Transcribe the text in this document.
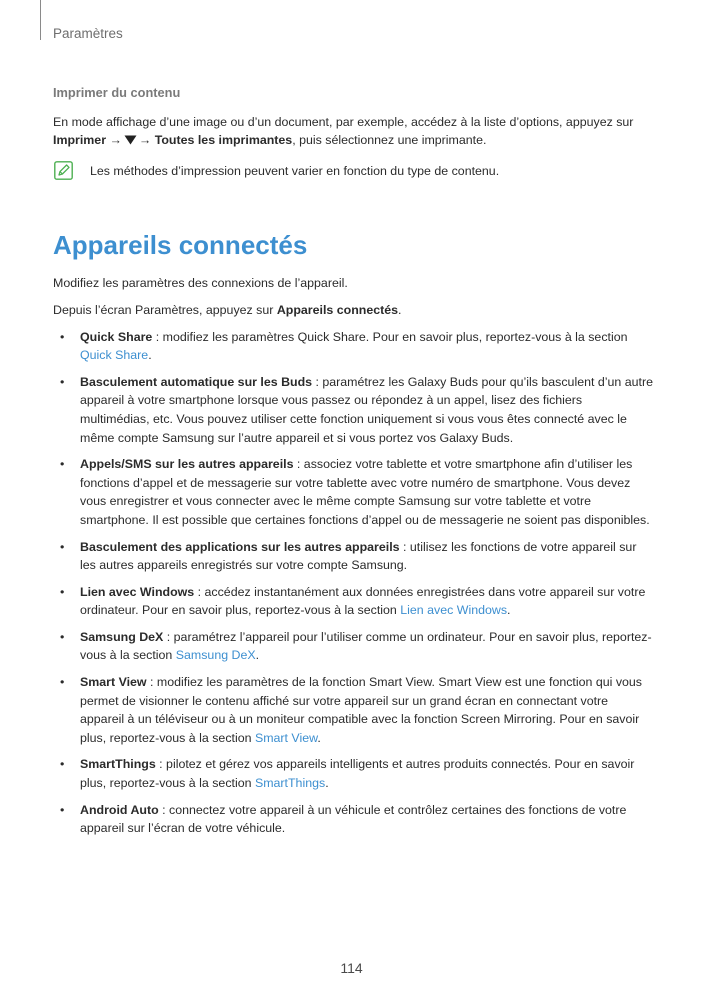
Paramètres
Imprimer du contenu

En mode affichage d’une image ou d’un document, par exemple, accédez à la liste d’options, appuyez sur
Imprimer → → Toutes les imprimantes, puis sélectionnez une imprimante.

Les méthodes d’impression peuvent varier en fonction du type de contenu.
Appareils connectés

Modifiez les paramètres des connexions de l’appareil.

Depuis l’écran Paramètres, appuyez sur Appareils connectés.

• Quick Share : modifiez les paramètres Quick Share. Pour en savoir plus, reportez-vous à la section Quick Share.
• Basculement automatique sur les Buds : paramétrez les Galaxy Buds pour qu’ils basculent d’un autre appareil à votre smartphone lorsque vous passez ou répondez à un appel, lisez des fichiers multimédias, etc. Vous pouvez utiliser cette fonction uniquement si vous vous êtes connecté avec le même compte Samsung sur l’autre appareil et si vous portez vos Galaxy Buds.
• Appels/SMS sur les autres appareils : associez votre tablette et votre smartphone afin d’utiliser les fonctions d’appel et de messagerie sur votre tablette avec votre numéro de smartphone. Vous devez vous enregistrer et vous connecter avec le même compte Samsung sur votre tablette et votre smartphone. Il est possible que certaines fonctions d’appel ou de messagerie ne soient pas disponibles.
• Basculement des applications sur les autres appareils : utilisez les fonctions de votre appareil sur les autres appareils enregistrés sur votre compte Samsung.
• Lien avec Windows : accédez instantanément aux données enregistrées dans votre appareil sur votre ordinateur. Pour en savoir plus, reportez-vous à la section Lien avec Windows.
• Samsung DeX : paramétrez l’appareil pour l’utiliser comme un ordinateur. Pour en savoir plus, reportez-vous à la section Samsung DeX.
• Smart View : modifiez les paramètres de la fonction Smart View. Smart View est une fonction qui vous permet de visionner le contenu affiché sur votre appareil sur un grand écran en connectant votre appareil à un téléviseur ou à un moniteur compatible avec la fonction Screen Mirroring. Pour en savoir plus, reportez-vous à la section Smart View.
• SmartThings : pilotez et gérez vos appareils intelligents et autres produits connectés. Pour en savoir plus, reportez-vous à la section SmartThings.
• Android Auto : connectez votre appareil à un véhicule et contrôlez certaines des fonctions de votre appareil sur l’écran de votre véhicule.
114
